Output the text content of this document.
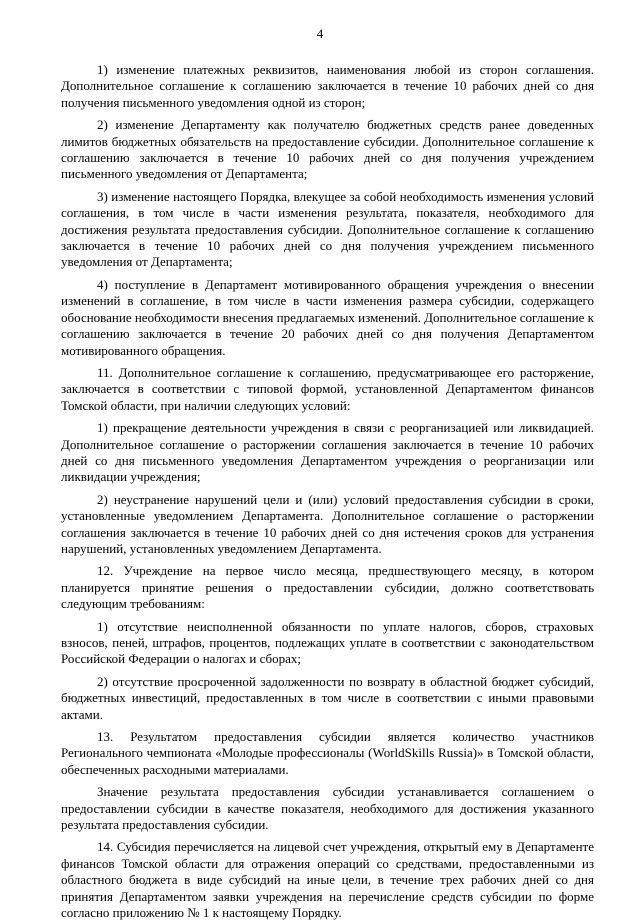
4

1) изменение платежных реквизитов, наименования любой из сторон соглашения. Дополнительное соглашение к соглашению заключается в течение 10 рабочих дней со дня получения письменного уведомления одной из сторон;

2) изменение Департаменту как получателю бюджетных средств ранее доведенных лимитов бюджетных обязательств на предоставление субсидии. Дополнительное соглашение к соглашению заключается в течение 10 рабочих дней со дня получения учреждением письменного уведомления от Департамента;

3) изменение настоящего Порядка, влекущее за собой необходимость изменения условий соглашения, в том числе в части изменения результата, показателя, необходимого для достижения результата предоставления субсидии. Дополнительное соглашение к соглашению заключается в течение 10 рабочих дней со дня получения учреждением письменного уведомления от Департамента;

4) поступление в Департамент мотивированного обращения учреждения о внесении изменений в соглашение, в том числе в части изменения размера субсидии, содержащего обоснование необходимости внесения предлагаемых изменений. Дополнительное соглашение к соглашению заключается в течение 20 рабочих дней со дня получения Департаментом мотивированного обращения.

11. Дополнительное соглашение к соглашению, предусматривающее его расторжение, заключается в соответствии с типовой формой, установленной Департаментом финансов Томской области, при наличии следующих условий:

1) прекращение деятельности учреждения в связи с реорганизацией или ликвидацией. Дополнительное соглашение о расторжении соглашения заключается в течение 10 рабочих дней со дня письменного уведомления Департаментом учреждения о реорганизации или ликвидации учреждения;

2) неустранение нарушений цели и (или) условий предоставления субсидии в сроки, установленные уведомлением Департамента. Дополнительное соглашение о расторжении соглашения заключается в течение 10 рабочих дней со дня истечения сроков для устранения нарушений, установленных уведомлением Департамента.

12. Учреждение на первое число месяца, предшествующего месяцу, в котором планируется принятие решения о предоставлении субсидии, должно соответствовать следующим требованиям:

1) отсутствие неисполненной обязанности по уплате налогов, сборов, страховых взносов, пеней, штрафов, процентов, подлежащих уплате в соответствии с законодательством Российской Федерации о налогах и сборах;

2) отсутствие просроченной задолженности по возврату в областной бюджет субсидий, бюджетных инвестиций, предоставленных в том числе в соответствии с иными правовыми актами.

13. Результатом предоставления субсидии является количество участников Регионального чемпионата «Молодые профессионалы (WorldSkills Russia)» в Томской области, обеспеченных расходными материалами.

Значение результата предоставления субсидии устанавливается соглашением о предоставлении субсидии в качестве показателя, необходимого для достижения указанного результата предоставления субсидии.

14. Субсидия перечисляется на лицевой счет учреждения, открытый ему в Департаменте финансов Томской области для отражения операций со средствами, предоставленными из областного бюджета в виде субсидий на иные цели, в течение трех рабочих дней со дня принятия Департаментом заявки учреждения на перечисление средств субсидии по форме согласно приложению № 1 к настоящему Порядку.
